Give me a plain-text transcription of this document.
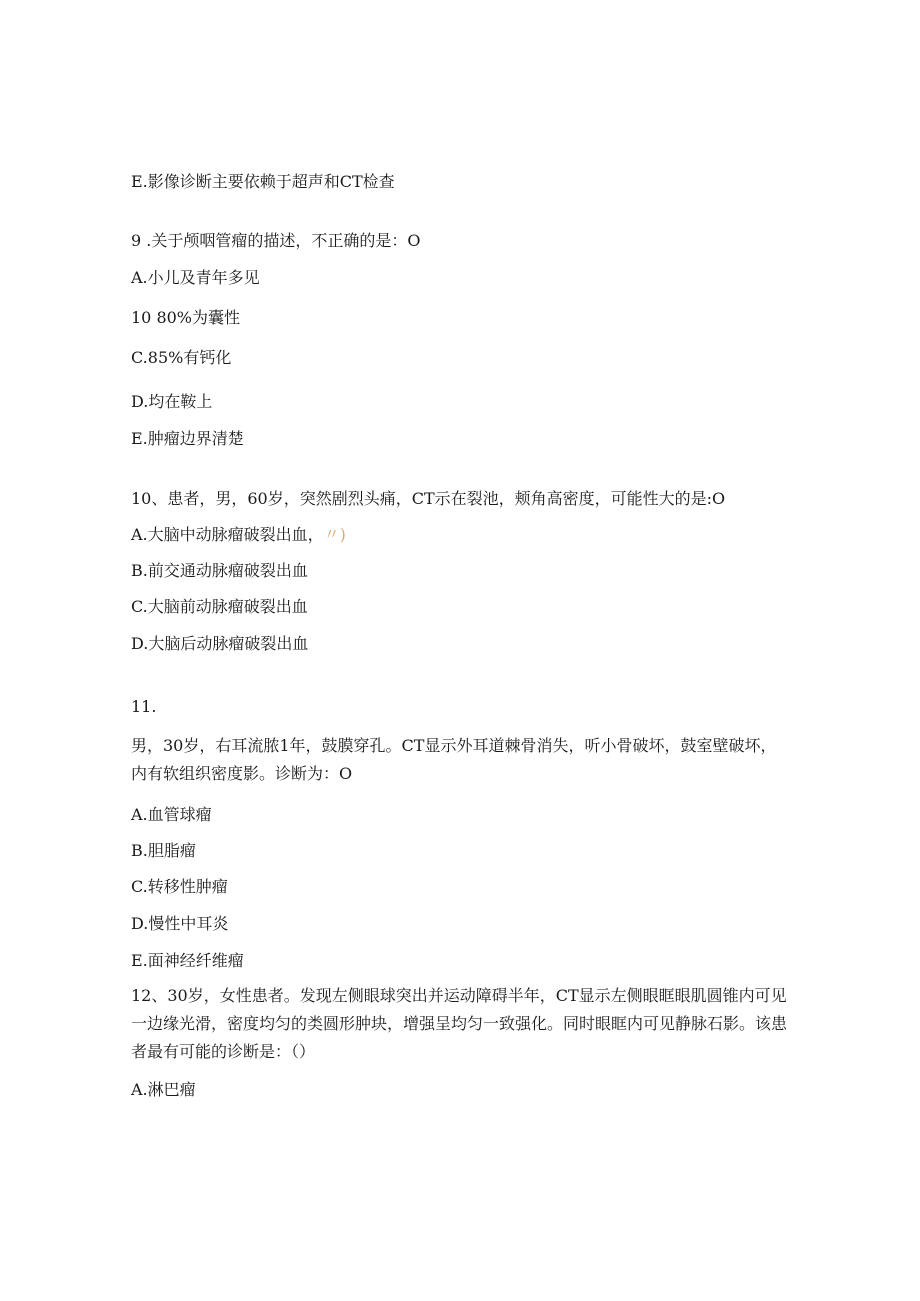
E.影像诊断主要依赖于超声和CT检查
9 .关于颅咽管瘤的描述，不正确的是：O
A.小儿及青年多见
10 80%为囊性
C.85%有钙化
D.均在鞍上
E.肿瘤边界清楚
10、患者，男，60岁，突然剧烈头痛，CT示在裂池，颊角高密度，可能性大的是:O
A.大脑中动脉瘤破裂出血，〃)
B.前交通动脉瘤破裂出血
C.大脑前动脉瘤破裂出血
D.大脑后动脉瘤破裂出血
11.
男，30岁，右耳流脓1年，鼓膜穿孔。CT显示外耳道棘骨消失，听小骨破坏，鼓室壁破坏，内有软组织密度影。诊断为：O
A.血管球瘤
B.胆脂瘤
C.转移性肿瘤
D.慢性中耳炎
E.面神经纤维瘤
12、30岁，女性患者。发现左侧眼球突出并运动障碍半年，CT显示左侧眼眶眼肌圆锥内可见一边缘光滑，密度均匀的类圆形肿块，增强呈均匀一致强化。同时眼眶内可见静脉石影。该患者最有可能的诊断是：（）
A.淋巴瘤
